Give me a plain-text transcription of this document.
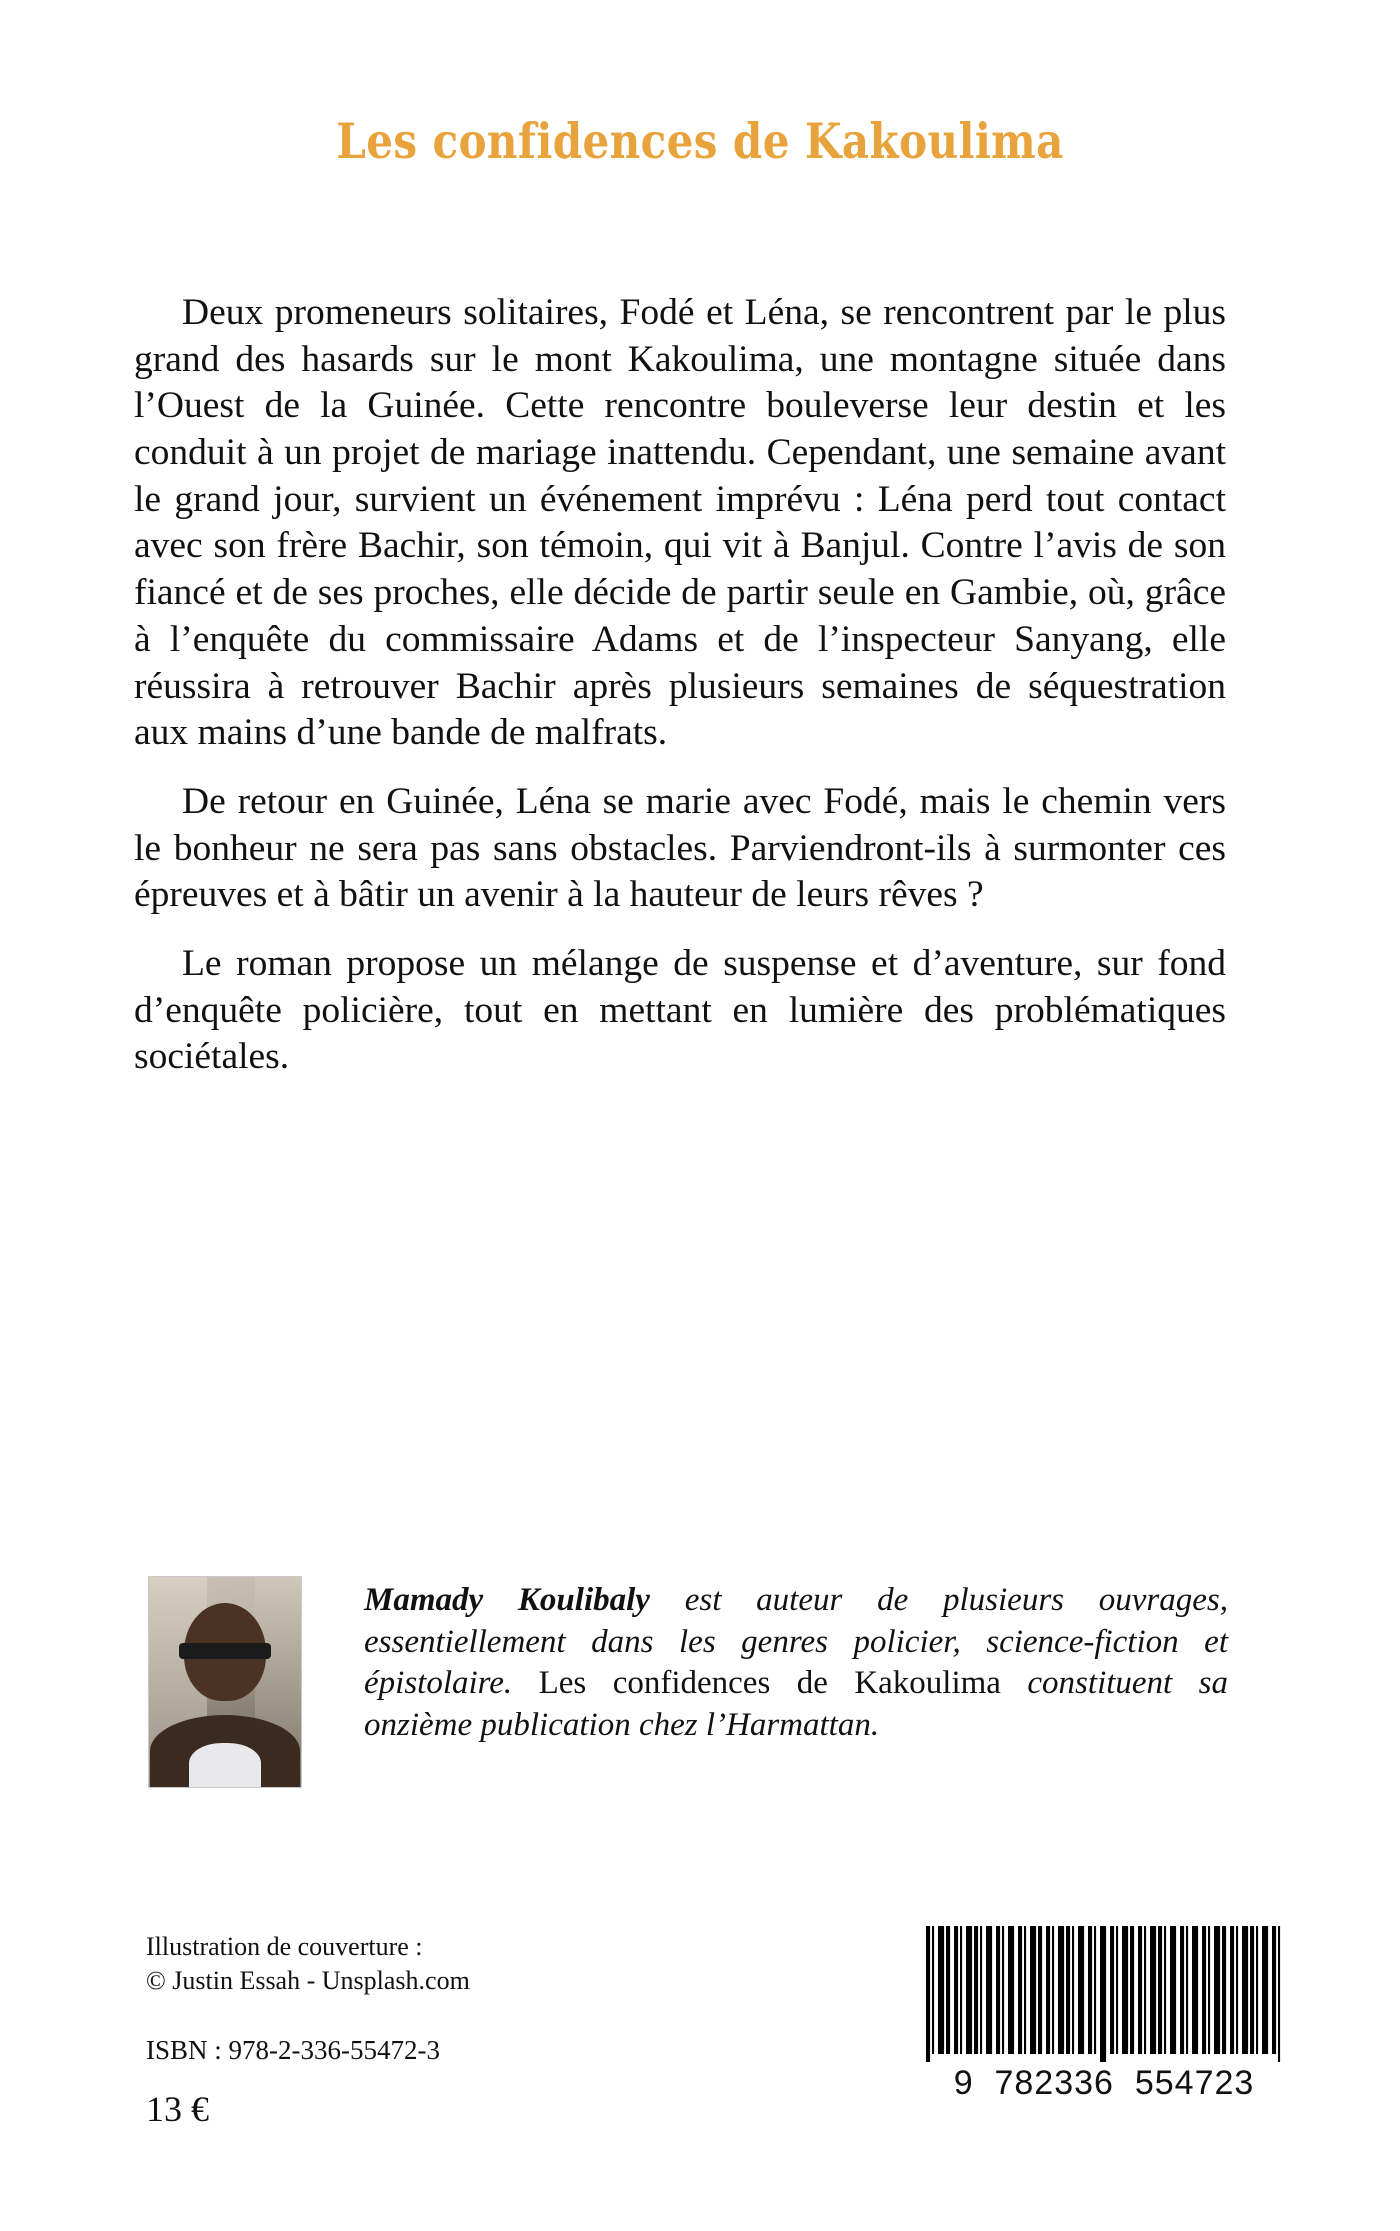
Les confidences de Kakoulima

Deux promeneurs solitaires, Fodé et Léna, se rencontrent par le plus grand des hasards sur le mont Kakoulima, une montagne située dans l’Ouest de la Guinée. Cette rencontre bouleverse leur destin et les conduit à un projet de mariage inattendu. Cependant, une semaine avant le grand jour, survient un événement imprévu : Léna perd tout contact avec son frère Bachir, son témoin, qui vit à Banjul. Contre l’avis de son fiancé et de ses proches, elle décide de partir seule en Gambie, où, grâce à l’enquête du commissaire Adams et de l’inspecteur Sanyang, elle réussira à retrouver Bachir après plusieurs semaines de séquestration aux mains d’une bande de malfrats.

De retour en Guinée, Léna se marie avec Fodé, mais le chemin vers le bonheur ne sera pas sans obstacles. Parviendront-ils à surmonter ces épreuves et à bâtir un avenir à la hauteur de leurs rêves ?

Le roman propose un mélange de suspense et d’aventure, sur fond d’enquête policière, tout en mettant en lumière des problématiques sociétales.

Mamady Koulibaly est auteur de plusieurs ouvrages, essentiellement dans les genres policier, science-fiction et épistolaire. Les confidences de Kakoulima constituent sa onzième publication chez l’Harmattan.
Illustration de couverture :
© Justin Essah - Unsplash.com
ISBN : 978-2-336-55472-3
13 €
9  782336  554723
